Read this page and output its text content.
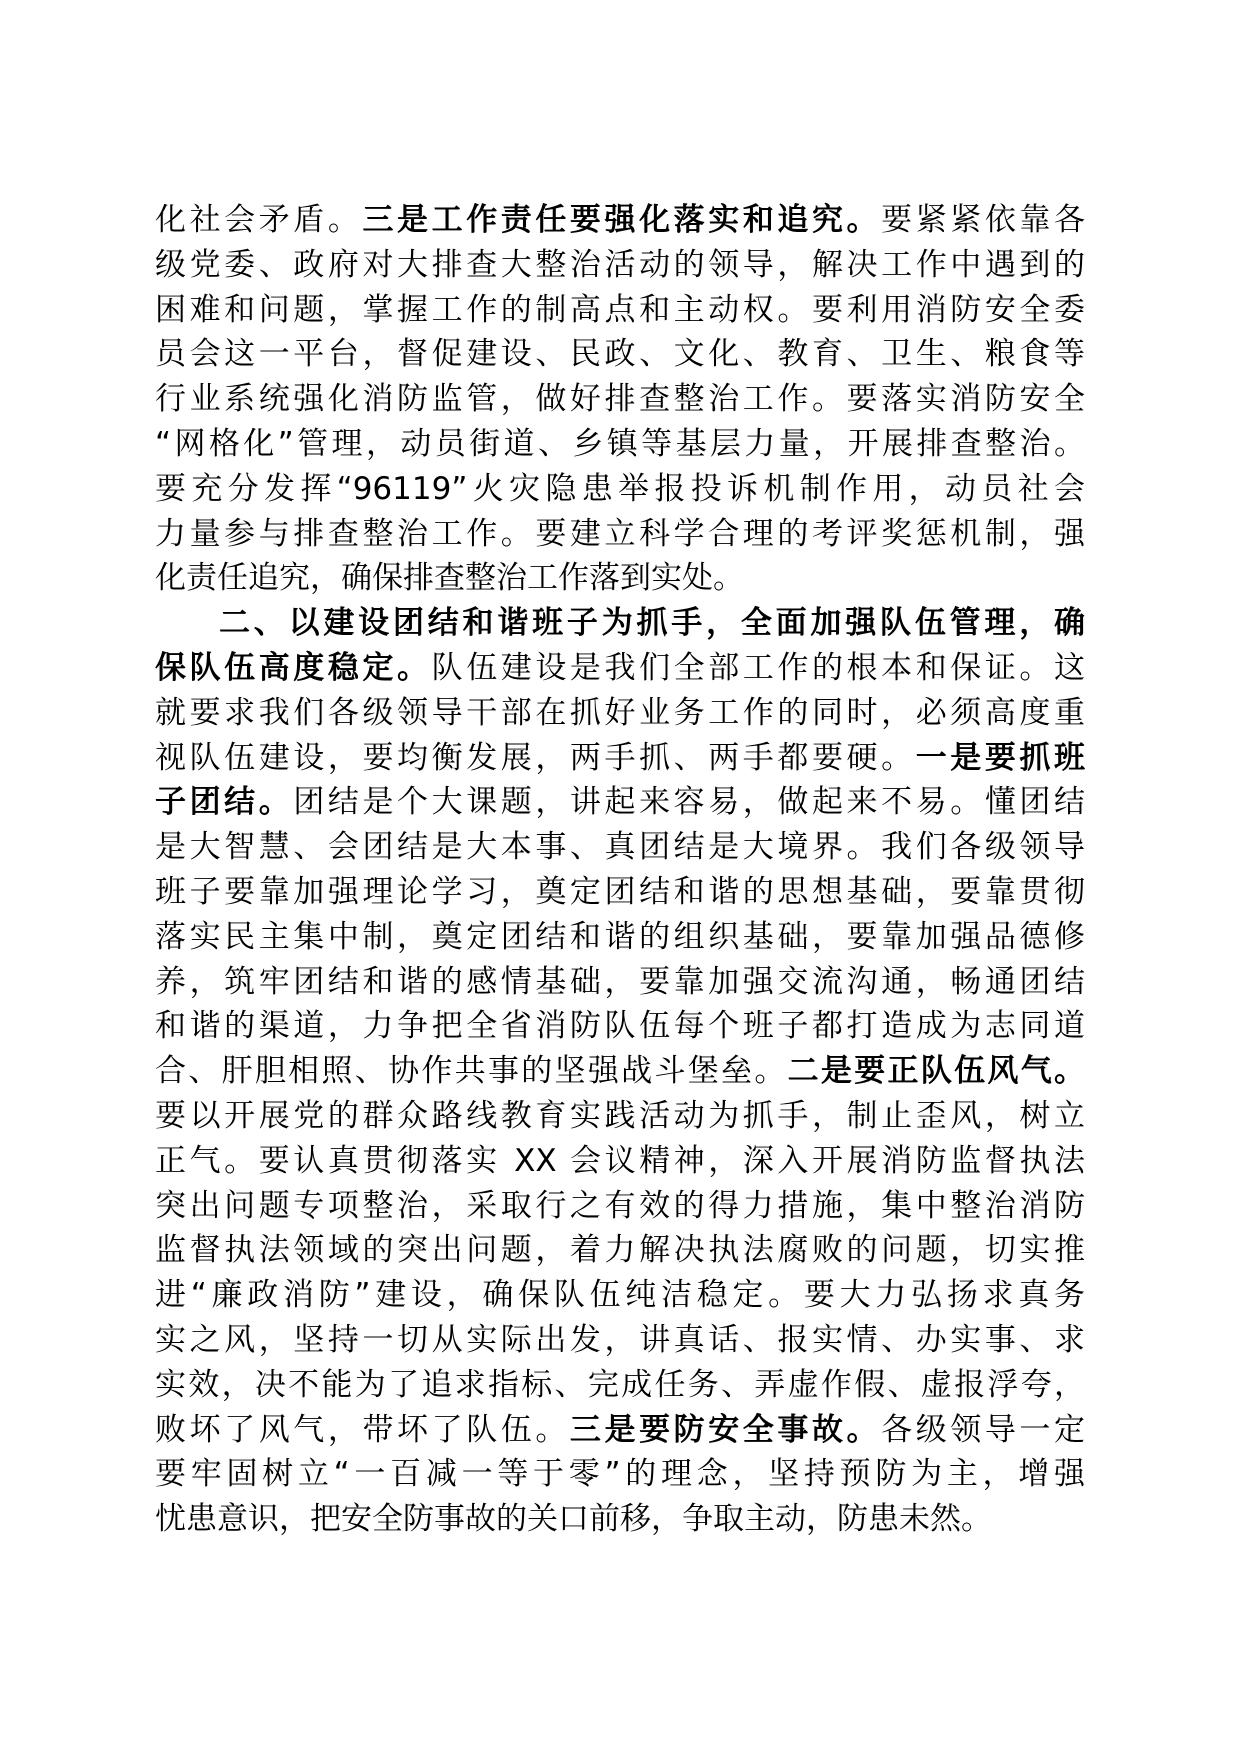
化社会矛盾。三是工作责任要强化落实和追究。要紧紧依靠各
级党委、政府对大排查大整治活动的领导，解决工作中遇到的
困难和问题，掌握工作的制高点和主动权。要利用消防安全委
员会这一平台，督促建设、民政、文化、教育、卫生、粮食等
行业系统强化消防监管，做好排查整治工作。要落实消防安全
“网格化”管理，动员街道、乡镇等基层力量，开展排查整治。
要充分发挥“96119”火灾隐患举报投诉机制作用，动员社会
力量参与排查整治工作。要建立科学合理的考评奖惩机制，强
化责任追究，确保排查整治工作落到实处。
二、以建设团结和谐班子为抓手，全面加强队伍管理，确
保队伍高度稳定。队伍建设是我们全部工作的根本和保证。这
就要求我们各级领导干部在抓好业务工作的同时，必须高度重
视队伍建设，要均衡发展，两手抓、两手都要硬。一是要抓班
子团结。团结是个大课题，讲起来容易，做起来不易。懂团结
是大智慧、会团结是大本事、真团结是大境界。我们各级领导
班子要靠加强理论学习，奠定团结和谐的思想基础，要靠贯彻
落实民主集中制，奠定团结和谐的组织基础，要靠加强品德修
养，筑牢团结和谐的感情基础，要靠加强交流沟通，畅通团结
和谐的渠道，力争把全省消防队伍每个班子都打造成为志同道
合、肝胆相照、协作共事的坚强战斗堡垒。二是要正队伍风气。
要以开展党的群众路线教育实践活动为抓手，制止歪风，树立
正气。要认真贯彻落实 XX 会议精神，深入开展消防监督执法
突出问题专项整治，采取行之有效的得力措施，集中整治消防
监督执法领域的突出问题，着力解决执法腐败的问题，切实推
进“廉政消防”建设，确保队伍纯洁稳定。要大力弘扬求真务
实之风，坚持一切从实际出发，讲真话、报实情、办实事、求
实效，决不能为了追求指标、完成任务、弄虚作假、虚报浮夸，
败坏了风气，带坏了队伍。三是要防安全事故。各级领导一定
要牢固树立“一百减一等于零”的理念，坚持预防为主，增强
忧患意识，把安全防事故的关口前移，争取主动，防患未然。
